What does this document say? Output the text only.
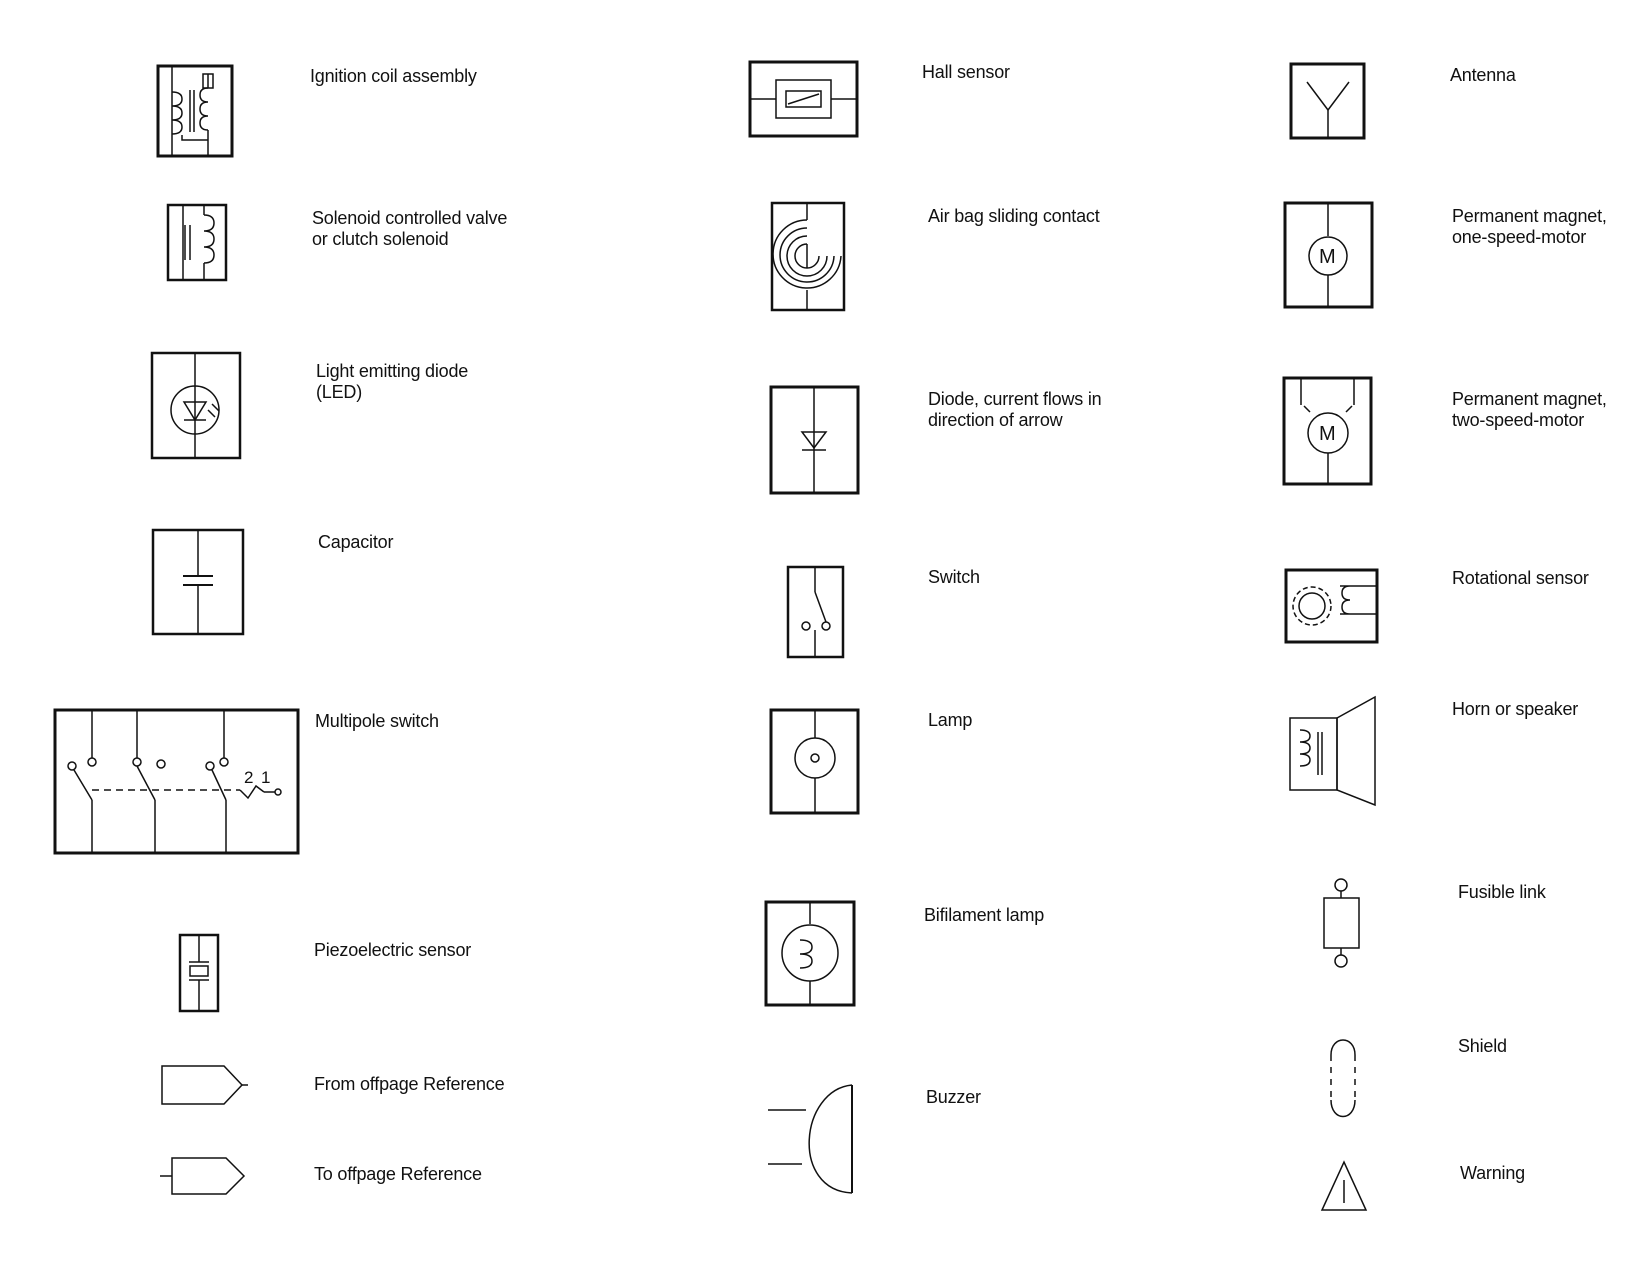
2 1
M
M
Ignition coil assembly	Hall sensor	Antenna
Solenoid controlled valve
or clutch solenoid
Air bag sliding contact	Permanent magnet,
one-speed-motor
Light emitting diode
(LED)	Diode, current flows in
direction of arrow
Permanent magnet,
two-speed-motor
Capacitor
Switch	Rotational sensor
Multipole switch	Lamp
Horn or speaker
Piezoelectric sensor
Bifilament lamp
Fusible link
From offpage Reference
Buzzer
Shield
To offpage Reference	Warning
